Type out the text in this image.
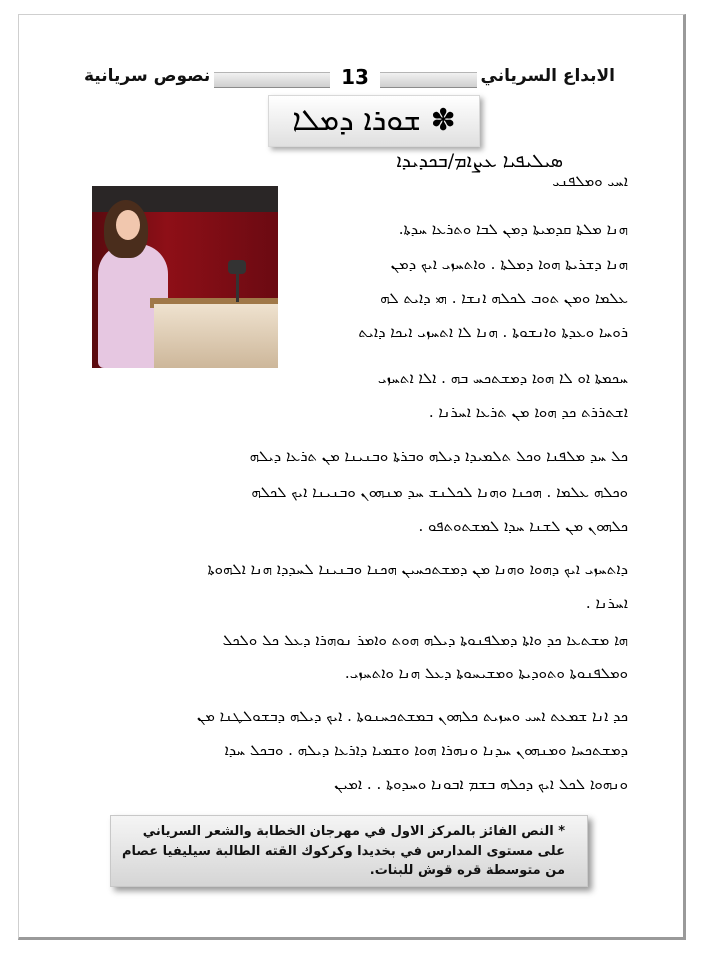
الابداع السرياني
نصوص سريانية	13
ܫܘܪܐ ܕܡܠܐ ✽
ܣܝܠܝܦܝܐ ܥܨܐܡ/ܒܟܕܝܕܐ
ܐܚܝ ܘܡܠܦܢܝ
ܗܢܐ ܡܠܬܐ ܩܕܡܝܬܐ ܕܡܢ ܠܒܐ ܘܬܪܥܐ ܚܕܬܐ.
ܗܢܐ ܕܫܪܝܬܐ ܗܘܐ ܕܡܠܬܐ . ܘܐܬܚܙܝ ܐܝܟ ܕܡܢ
ܥܠܡܐ ܘܡܢ ܬܘܒ ܠܟܠܗ ܐܢܫܐ . ܗܝ ܕܐܝܬ ܠܗ
ܪܘܚܐ ܘܥܕܬܐ ܘܐܢܫܘܬܐ . ܗܢܐ ܠܐ ܐܬܚܙܝ ܐܝܟܐ ܕܐܝܬ
ܚܟܡܬܐ ܐܘ ܠܐ ܗܘܐ ܕܡܫܬܟܚ ܒܗ . ܐܠܐ ܐܬܚܙܝ
ܐܫܬܪܪܬ ܟܕ ܗܘܐ ܡܢ ܬܪܥܐ ܐܚܪܢܐ .
ܟܠ ܚܕ ܡܠܦܢܐ ܘܟܠ ܬܠܡܝܕܐ ܕܝܠܗ ܘܒܪܬܐ ܘܒܢܝܢܐ ܡܢ ܬܪܥܐ ܕܝܠܗ
ܘܟܠܗ ܥܠܡܐ . ܗܟܢܐ ܘܗܢܐ ܠܟܠܢܫ ܚܕ ܡܢܗܘܢ ܘܒܢܝܢܐ ܐܝܟ ܠܟܠܗ
ܟܠܗܘܢ ܡܢ ܠܫܢܐ ܚܕܐ ܠܡܫܬܘܬܦܘ .
ܕܐܬܚܙܝ ܐܝܟ ܕܗܘܐ ܘܗܢܐ ܡܢ ܕܡܫܬܟܚܝܢ ܗܟܢܐ ܘܒܢܝܢܐ ܠܚܕܕܐ ܗܢܐ ܐܠܗܘܬܐ
ܐܚܪܢܐ .
ܗܐ ܡܫܬܥܐ ܟܕ ܘܐܬܐ ܕܡܠܦܢܘܬܐ ܕܝܠܗ ܗܘܬ ܘܐܡܪ ܢܘܗܪܐ ܕܥܠ ܟܠ ܘܠܟܠ
ܘܡܠܦܢܘܬܐ ܘܬܘܕܝܬܐ ܘܡܫܝܚܘܬܐ ܕܥܠ ܗܢܐ ܘܐܬܚܙܝ.
ܟܕ ܐܢܐ ܫܡܥܬ ܐܚܝ ܘܚܙܝܬ ܟܠܗܘܢ ܒܡܫܬܟܚܢܘܬܐ . ܐܝܟ ܕܝܠܗ ܕܒܫܘܠܛܢܐ ܡܢ
ܕܡܫܬܟܚܐ ܘܡܢܗܘܢ ܚܕܢܐ ܘܢܗܪܐ ܗܘܐ ܘܫܡܝܐ ܕܐܪܥܐ ܕܝܠܗ . ܘܒܟܠ ܚܕܐ
ܘܢܗܘܐ ܠܟܠ ܐܝܟ ܕܟܠܗ ܒܫܡ ܐܒܘܢܐ ܘܚܕܘܬܐ . . ܐܡܝܢ
* النص الفائز بالمركز الاول في مهرجان الخطابة والشعر السرياني
على مستوى المدارس في بخديدا وكركوك القته الطالبة سيليفيا عصام
من متوسطة قره قوش للبنات.
